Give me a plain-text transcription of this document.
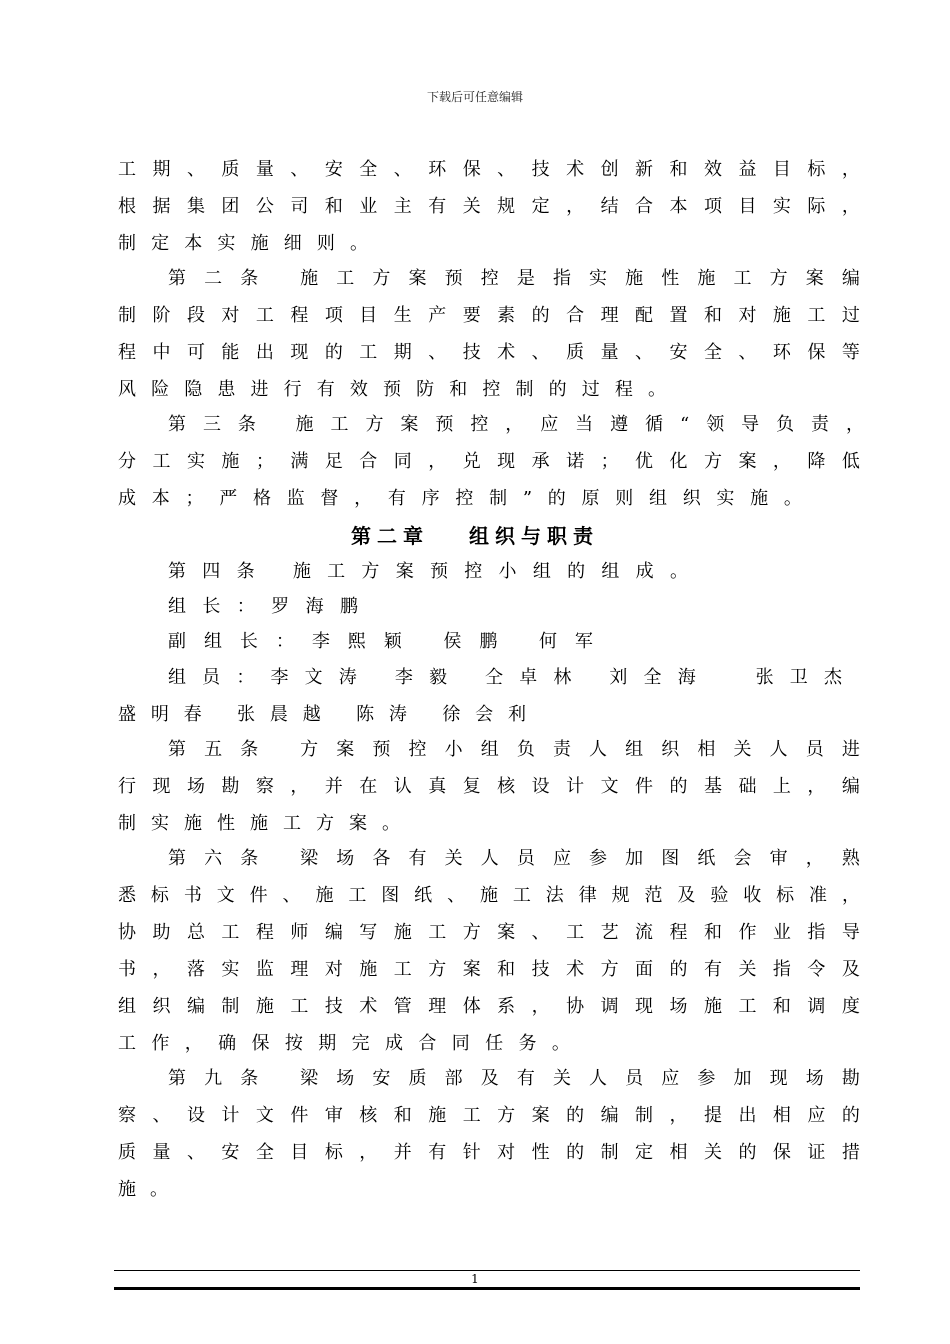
下载后可任意编辑
工 期 、 质 量 、 安 全 、 环 保 、 技 术 创 新 和 效 益 目 标 ，
根 据 集 团 公 司 和 业 主 有 关 规 定 ， 结 合 本 项 目 实 际 ，
制 定 本 实 施 细 则 。
第 二 条
施 工 方 案 预 控 是 指 实 施 性 施 工 方 案 编
制 阶 段 对 工 程 项 目 生 产 要 素 的 合 理 配 置 和 对 施 工 过
程 中 可 能 出 现 的 工 期 、 技 术 、 质 量 、 安 全 、 环 保 等
风 险 隐 患 进 行 有 效 预 防 和 控 制 的 过 程 。
第 三 条
施 工 方 案 预 控 ， 应 当 遵 循 “ 领 导 负 责 ，
分 工 实 施 ； 满 足 合 同 ， 兑 现 承 诺 ； 优 化 方 案 ， 降 低
成 本 ； 严 格 监 督 ， 有 序 控 制 ” 的 原 则 组 织 实 施 。
第二章 组织与职责
第 四 条
施 工 方 案 预 控 小 组 的 组 成 。
组 长 ： 罗 海 鹏
副 组 长 ： 李 熙 颖
侯 鹏
何 军
组 员 ： 李 文 涛
李 毅
仝 卓 林
刘 全 海

	张 卫 杰
盛 明 春
张 晨 越
陈 涛
徐 会 利
第 五 条
方 案 预 控 小 组 负 责 人 组 织 相 关 人 员 进
行 现 场 勘 察 ， 并 在 认 真 复 核 设 计 文 件 的 基 础 上 ， 编
制 实 施 性 施 工 方 案 。
第 六 条
梁 场 各 有 关 人 员 应 参 加 图 纸 会 审 ， 熟
悉 标 书 文 件 、 施 工 图 纸 、 施 工 法 律 规 范 及 验 收 标 准 ，
协 助 总 工 程 师 编 写 施 工 方 案 、 工 艺 流 程 和 作 业 指 导
书 ， 落 实 监 理 对 施 工 方 案 和 技 术 方 面 的 有 关 指 令 及
组 织 编 制 施 工 技 术 管 理 体 系 ， 协 调 现 场 施 工 和 调 度
工 作 ， 确 保 按 期 完 成 合 同 任 务 。
第 九 条
梁 场 安 质 部 及 有 关 人 员 应 参 加 现 场 勘
察 、 设 计 文 件 审 核 和 施 工 方 案 的 编 制 ， 提 出 相 应 的
质 量 、 安 全 目 标 ， 并 有 针 对 性 的 制 定 相 关 的 保 证 措
施 。
1
